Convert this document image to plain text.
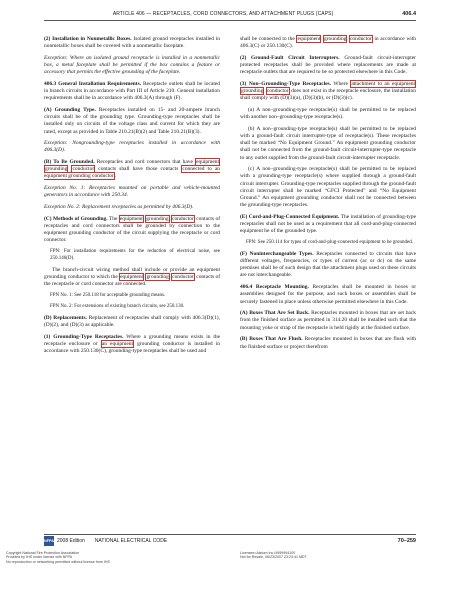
ARTICLE 406 — RECEPTACLES, CORD CONNECTORS, AND ATTACHMENT PLUGS (CAPS)	406.4

(2) Installation in Nonmetallic Boxes. Isolated ground receptacles installed in nonmetallic boxes shall be covered with a nonmetallic faceplate.

Exception: Where an isolated ground receptacle is installed in a nonmetallic box, a metal faceplate shall be permitted if the box contains a feature or accessory that permits the effective grounding of the faceplate.

406.3 General Installation Requirements. Receptacle outlets shall be located in branch circuits in accordance with Part III of Article 210. General installation requirements shall be in accordance with 406.3(A) through (F).

(A) Grounding Type. Receptacles installed on 15- and 20-ampere branch circuits shall be of the grounding type. Grounding-type receptacles shall be installed only on circuits of the voltage class and current for which they are rated, except as provided in Table 210.21(B)(2) and Table 210.21(B)(3).

Exception: Nongrounding-type receptacles installed in accordance with 406.3(D).

(B) To Be Grounded. Receptacles and cord connectors that have equipment grounding conductor contacts shall have those contacts connected to an equipment grounding conductor.

Exception No. 1: Receptacles mounted on portable and vehicle-mounted generators in accordance with 250.34.

Exception No. 2: Replacement receptacles as permitted by 406.3(D).

(C) Methods of Grounding. The equipment grounding conductor contacts of receptacles and cord connectors shall be grounded by connection to the equipment grounding conductor of the circuit supplying the receptacle or cord connector.

FPN: For installation requirements for the reduction of electrical noise, see 250.146(D).

The branch-circuit wiring method shall include or provide an equipment grounding conductor to which the equipment grounding conductor contacts of the receptacle or cord connector are connected.

FPN No. 1: See 250.118 for acceptable grounding means.

FPN No. 2: For extensions of existing branch circuits, see 250.130.

(D) Replacements. Replacement of receptacles shall comply with 406.3(D)(1), (D)(2), and (D)(3) as applicable.

(1) Grounding-Type Receptacles. Where a grounding means exists in the receptacle enclosure or an equipment grounding conductor is installed in accordance with 250.130(C), grounding-type receptacles shall be used and

shall be connected to the equipment grounding conductor in accordance with 406.3(C) or 250.130(C).

(2) Ground-Fault Circuit Interrupters. Ground-fault circuit-interrupter protected receptacles shall be provided where replacements are made at receptacle outlets that are required to be so protected elsewhere in this Code.

(3) Non–Grounding-Type Receptacles. Where attachment to an equipment grounding conductor does not exist in the receptacle enclosure, the installation shall comply with (D)(3)(a), (D)(3)(b), or (D)(3)(c).

(a) A non–grounding-type receptacle(s) shall be permitted to be replaced with another non–grounding-type receptacle(s).

(b) A non–grounding-type receptacle(s) shall be permitted to be replaced with a ground-fault circuit interrupter-type of receptacle(s). These receptacles shall be marked “No Equipment Ground.” An equipment grounding conductor shall not be connected from the ground-fault circuit-interrupter-type receptacle to any outlet supplied from the ground-fault circuit-interrupter receptacle.

(c) A non–grounding-type receptacle(s) shall be permitted to be replaced with a grounding-type receptacle(s) where supplied through a ground-fault circuit interrupter. Grounding-type receptacles supplied through the ground-fault circuit interrupter shall be marked “GFCI Protected” and “No Equipment Ground.” An equipment grounding conductor shall not be connected between the grounding-type receptacles.

(E) Cord-and-Plug-Connected Equipment. The installation of grounding-type receptacles shall not be used as a requirement that all cord-and-plug-connected equipment be of the grounded type.

FPN: See 250.114 for types of cord-and-plug-connected equipment to be grounded.

(F) Noninterchangeable Types. Receptacles connected to circuits that have different voltages, frequencies, or types of current (ac or dc) on the same premises shall be of such design that the attachment plugs used on these circuits are not interchangeable.

406.4 Receptacle Mounting. Receptacles shall be mounted in boxes or assemblies designed for the purpose, and such boxes or assemblies shall be securely fastened in place unless otherwise permitted elsewhere in this Code.

(A) Boxes That Are Set Back. Receptacles mounted in boxes that are set back from the finished surface as permitted in 314.20 shall be installed such that the mounting yoke or strap of the receptacle is held rigidly at the finished surface.

(B) Boxes That Are Flush. Receptacles mounted in boxes that are flush with the finished surface or project therefrom

NFPA 2008 Edition NATIONAL ELECTRICAL CODE	70–259
Copyright National Fire Protection Association
Provided by IHS under license with NFPA
No reproduction or networking permitted without license from IHS
Licensee=Alstom Inc./4999994100
Not for Resale, 06/23/2007 23:23:41 MDT
